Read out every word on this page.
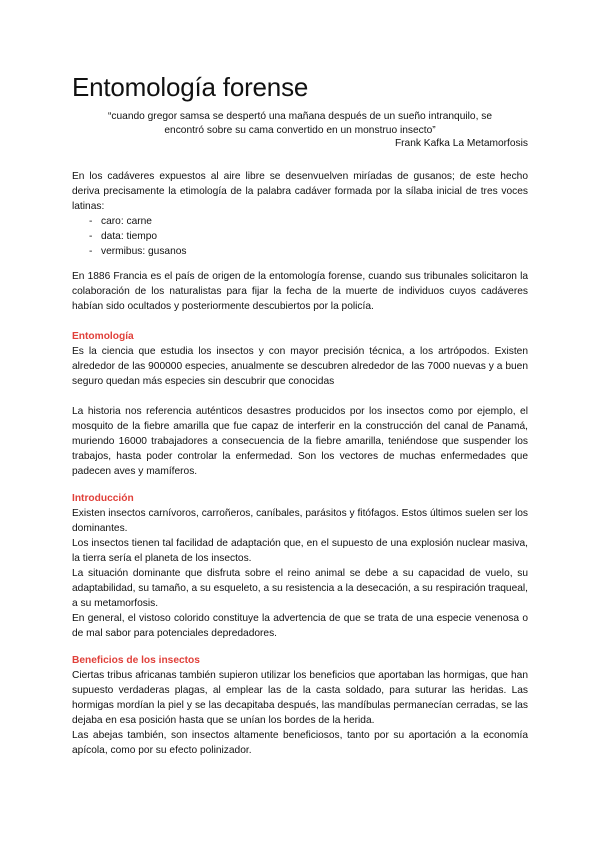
Entomología forense
“cuando gregor samsa se despertó una mañana después de un sueño intranquilo, se encontró sobre su cama convertido en un monstruo insecto”
Frank Kafka La Metamorfosis

En los cadáveres expuestos al aire libre se desenvuelven miríadas de gusanos; de este hecho deriva precisamente la etimología de la palabra cadáver formada por la sílaba inicial de tres voces latinas:

- caro: carne
- data: tiempo
- vermibus: gusanos

En 1886 Francia es el país de origen de la entomología forense, cuando sus tribunales solicitaron la colaboración de los naturalistas para fijar la fecha de la muerte de individuos cuyos cadáveres habían sido ocultados y posteriormente descubiertos por la policía.

Entomología

Es la ciencia que estudia los insectos y con mayor precisión técnica, a los artrópodos. Existen alrededor de las 900000 especies, anualmente se descubren alrededor de las 7000 nuevas y a buen seguro quedan más especies sin descubrir que conocidas

La historia nos referencia auténticos desastres producidos por los insectos como por ejemplo, el mosquito de la fiebre amarilla que fue capaz de interferir en la construcción del canal de Panamá, muriendo 16000 trabajadores a consecuencia de la fiebre amarilla, teniéndose que suspender los trabajos, hasta poder controlar la enfermedad. Son los vectores de muchas enfermedades que padecen aves y mamíferos.

Introducción

Existen insectos carnívoros, carroñeros, caníbales, parásitos y fitófagos. Estos últimos suelen ser los dominantes.

Los insectos tienen tal facilidad de adaptación que, en el supuesto de una explosión nuclear masiva, la tierra sería el planeta de los insectos.

La situación dominante que disfruta sobre el reino animal se debe a su capacidad de vuelo, su adaptabilidad, su tamaño, a su esqueleto, a su resistencia a la desecación, a su respiración traqueal, a su metamorfosis.

En general, el vistoso colorido constituye la advertencia de que se trata de una especie venenosa o de mal sabor para potenciales depredadores.

Beneficios de los insectos

Ciertas tribus africanas también supieron utilizar los beneficios que aportaban las hormigas, que han supuesto verdaderas plagas, al emplear las de la casta soldado, para suturar las heridas. Las hormigas mordían la piel y se las decapitaba después, las mandíbulas permanecían cerradas, se las dejaba en esa posición hasta que se unían los bordes de la herida.

Las abejas también, son insectos altamente beneficiosos, tanto por su aportación a la economía apícola, como por su efecto polinizador.
